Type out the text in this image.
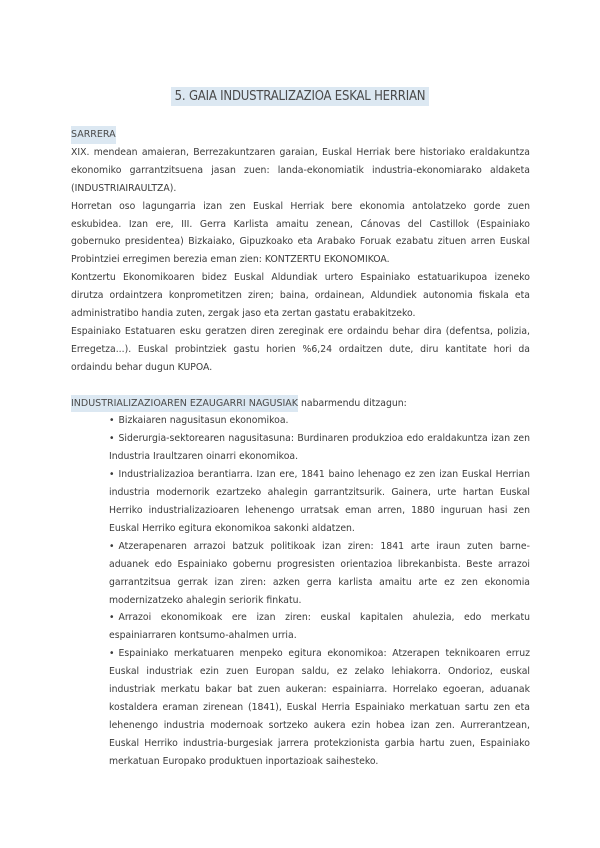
5. GAIA INDUSTRALIZAZIOA ESKAL HERRIAN

SARRERA

XIX. mendean amaieran, Berrezakuntzaren garaian, Euskal Herriak bere historiako eraldakuntza ekonomiko garrantzitsuena jasan zuen: landa-ekonomiatik industria-ekonomiarako aldaketa (INDUSTRIAIRAULTZA).

Horretan oso lagungarria izan zen Euskal Herriak bere ekonomia antolatzeko gorde zuen eskubidea. Izan ere, III. Gerra Karlista amaitu zenean, Cánovas del Castillok (Espainiako gobernuko presidentea) Bizkaiako, Gipuzkoako eta Arabako Foruak ezabatu zituen arren Euskal Probintziei erregimen berezia eman zien: KONTZERTU EKONOMIKOA.

Kontzertu Ekonomikoaren bidez Euskal Aldundiak urtero Espainiako estatuarikupoa izeneko dirutza ordaintzera konprometitzen ziren; baina, ordainean, Aldundiek autonomia fiskala eta administratibo handia zuten, zergak jaso eta zertan gastatu erabakitzeko.

Espainiako Estatuaren esku geratzen diren zereginak ere ordaindu behar dira (defentsa, polizia, Erregetza...). Euskal probintziek gastu horien %6,24 ordaitzen dute, diru kantitate hori da ordaindu behar dugun KUPOA.

INDUSTRIALIZAZIOAREN EZAUGARRI NAGUSIAK nabarmendu ditzagun:

• Bizkaiaren nagusitasun ekonomikoa.
• Siderurgia-sektorearen nagusitasuna: Burdinaren produkzioa edo eraldakuntza izan zen Industria Iraultzaren oinarri ekonomikoa.
• Industrializazioa berantiarra. Izan ere, 1841 baino lehenago ez zen izan Euskal Herrian industria modernorik ezartzeko ahalegin garrantzitsurik. Gainera, urte hartan Euskal Herriko industrializazioaren lehenengo urratsak eman arren, 1880 inguruan hasi zen Euskal Herriko egitura ekonomikoa sakonki aldatzen.
• Atzerapenaren arrazoi batzuk politikoak izan ziren: 1841 arte iraun zuten barne-aduanek edo Espainiako gobernu progresisten orientazioa librekanbista. Beste arrazoi garrantzitsua gerrak izan ziren: azken gerra karlista amaitu arte ez zen ekonomia modernizatzeko ahalegin seriorik finkatu.
• Arrazoi ekonomikoak ere izan ziren: euskal kapitalen ahulezia, edo merkatu espainiarraren kontsumo-ahalmen urria.
• Espainiako merkatuaren menpeko egitura ekonomikoa: Atzerapen teknikoaren erruz Euskal industriak ezin zuen Europan saldu, ez zelako lehiakorra. Ondorioz, euskal industriak merkatu bakar bat zuen aukeran: espainiarra. Horrelako egoeran, aduanak kostaldera eraman zirenean (1841), Euskal Herria Espainiako merkatuan sartu zen eta lehenengo industria modernoak sortzeko aukera ezin hobea izan zen. Aurrerantzean, Euskal Herriko industria-burgesiak jarrera protekzionista garbia hartu zuen, Espainiako merkatuan Europako produktuen inportazioak saihesteko.
